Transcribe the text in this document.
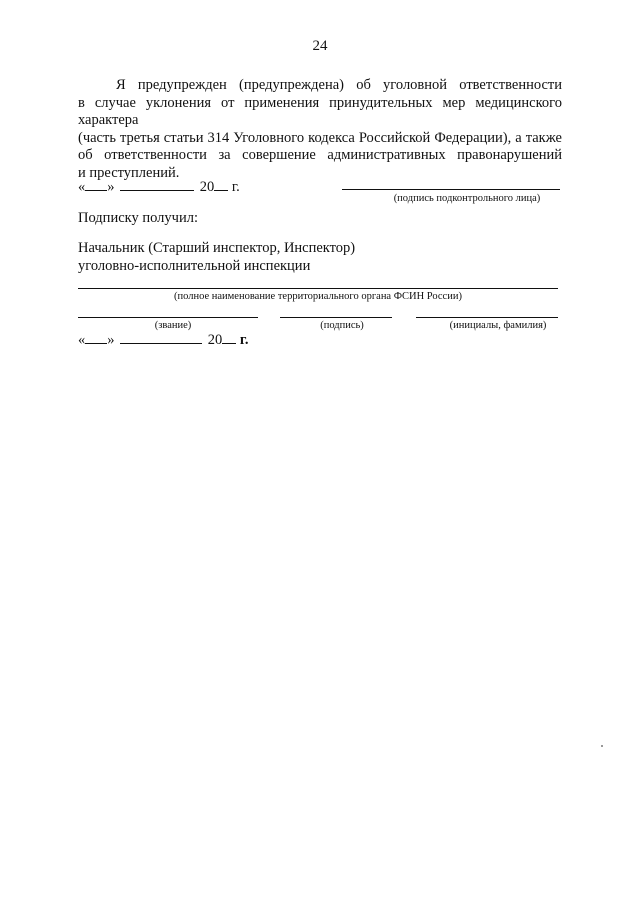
24
Я предупрежден (предупреждена) об уголовной ответственности
в случае уклонения от применения принудительных мер медицинского характера
(часть третья статьи 314 Уголовного кодекса Российской Федерации), а также
об ответственности за совершение административных правонарушений
и преступлений.
« »	20 г.
(подпись подконтрольного лица)
Подписку получил:
Начальник (Старший инспектор, Инспектор)
уголовно-исполнительной инспекции
(полное наименование территориального органа ФСИН России)
(звание)	(подпись)	(инициалы, фамилия)
« »	20 г.
